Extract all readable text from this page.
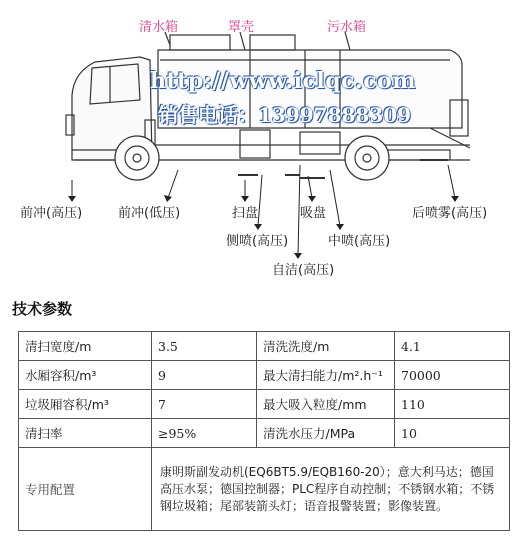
清水箱	罩壳	污水箱
http://www.iclqc.com
销售电话：13997888309
前冲(高压)	前冲(低压)	扫盘	吸盘	后喷雾(高压)
侧喷(高压)	中喷(高压)
自洁(高压)
技术参数
清扫宽度/m	3.5	清洗洗度/m	4.1
水厢容积/m³	9	最大清扫能力/m².h⁻¹	70000
垃圾厢容积/m³	7	最大吸入粒度/mm	110
清扫率	≥95%	清洗水压力/MPa	10
专用配置	康明斯副发动机(EQ6BT5.9/EQB160-20）；意大利马达；德国高压水泵；德国控制器；PLC程序自动控制；不锈钢水箱；不锈钢垃圾箱；尾部装箭头灯；语音报警装置；影像装置。		
